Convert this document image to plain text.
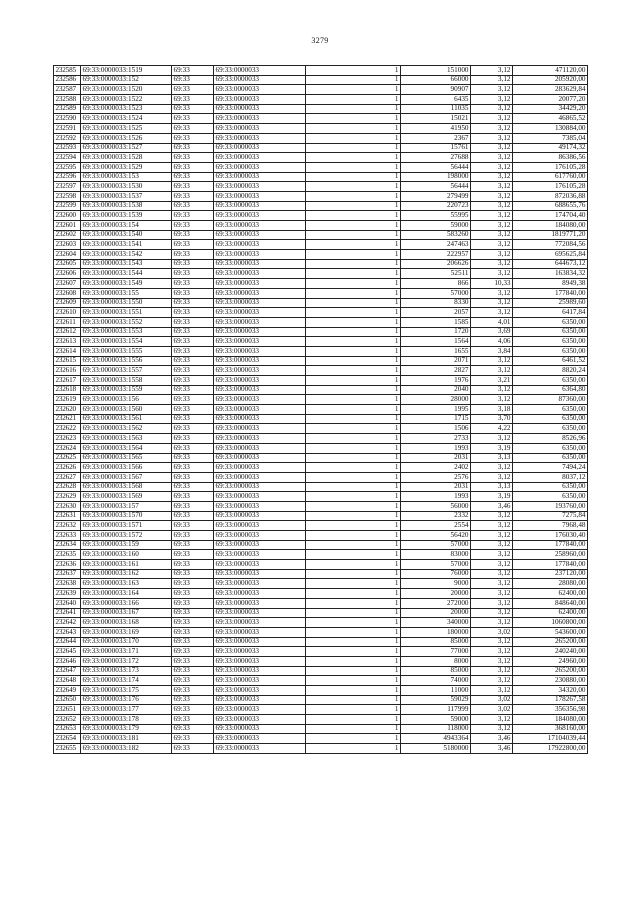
3279
232585	69:33:0000033:1519	69:33	69:33:0000033	1	151000	3,12	471120,00
232586	69:33:0000033:152	69:33	69:33:0000033	1	66000	3,12	205920,00
232587	69:33:0000033:1520	69:33	69:33:0000033	1	90907	3,12	283629,84
232588	69:33:0000033:1522	69:33	69:33:0000033	1	6435	3,12	20077,20
232589	69:33:0000033:1523	69:33	69:33:0000033	1	11035	3,12	34429,20
232590	69:33:0000033:1524	69:33	69:33:0000033	1	15021	3,12	46865,52
232591	69:33:0000033:1525	69:33	69:33:0000033	1	41950	3,12	130884,00
232592	69:33:0000033:1526	69:33	69:33:0000033	1	2367	3,12	7385,04
232593	69:33:0000033:1527	69:33	69:33:0000033	1	15761	3,12	49174,32
232594	69:33:0000033:1528	69:33	69:33:0000033	1	27688	3,12	86386,56
232595	69:33:0000033:1529	69:33	69:33:0000033	1	56444	3,12	176105,28
232596	69:33:0000033:153	69:33	69:33:0000033	1	198000	3,12	617760,00
232597	69:33:0000033:1530	69:33	69:33:0000033	1	56444	3,12	176105,28
232598	69:33:0000033:1537	69:33	69:33:0000033	1	279499	3,12	872036,88
232599	69:33:0000033:1538	69:33	69:33:0000033	1	220723	3,12	688655,76
232600	69:33:0000033:1539	69:33	69:33:0000033	1	55995	3,12	174704,40
232601	69:33:0000033:154	69:33	69:33:0000033	1	59000	3,12	184080,00
232602	69:33:0000033:1540	69:33	69:33:0000033	1	583260	3,12	1819771,20
232603	69:33:0000033:1541	69:33	69:33:0000033	1	247463	3,12	772084,56
232604	69:33:0000033:1542	69:33	69:33:0000033	1	222957	3,12	695625,84
232605	69:33:0000033:1543	69:33	69:33:0000033	1	206626	3,12	644673,12
232606	69:33:0000033:1544	69:33	69:33:0000033	1	52511	3,12	163834,32
232607	69:33:0000033:1549	69:33	69:33:0000033	1	866	10,33	8949,38
232608	69:33:0000033:155	69:33	69:33:0000033	1	57000	3,12	177840,00
232609	69:33:0000033:1550	69:33	69:33:0000033	1	8330	3,12	25989,60
232610	69:33:0000033:1551	69:33	69:33:0000033	1	2057	3,12	6417,84
232611	69:33:0000033:1552	69:33	69:33:0000033	1	1585	4,01	6350,00
232612	69:33:0000033:1553	69:33	69:33:0000033	1	1720	3,69	6350,00
232613	69:33:0000033:1554	69:33	69:33:0000033	1	1564	4,06	6350,00
232614	69:33:0000033:1555	69:33	69:33:0000033	1	1655	3,84	6350,00
232615	69:33:0000033:1556	69:33	69:33:0000033	1	2071	3,12	6461,52
232616	69:33:0000033:1557	69:33	69:33:0000033	1	2827	3,12	8820,24
232617	69:33:0000033:1558	69:33	69:33:0000033	1	1976	3,21	6350,00
232618	69:33:0000033:1559	69:33	69:33:0000033	1	2040	3,12	6364,80
232619	69:33:0000033:156	69:33	69:33:0000033	1	28000	3,12	87360,00
232620	69:33:0000033:1560	69:33	69:33:0000033	1	1995	3,18	6350,00
232621	69:33:0000033:1561	69:33	69:33:0000033	1	1715	3,70	6350,00
232622	69:33:0000033:1562	69:33	69:33:0000033	1	1506	4,22	6350,00
232623	69:33:0000033:1563	69:33	69:33:0000033	1	2733	3,12	8526,96
232624	69:33:0000033:1564	69:33	69:33:0000033	1	1993	3,19	6350,00
232625	69:33:0000033:1565	69:33	69:33:0000033	1	2031	3,13	6350,00
232626	69:33:0000033:1566	69:33	69:33:0000033	1	2402	3,12	7494,24
232627	69:33:0000033:1567	69:33	69:33:0000033	1	2576	3,12	8037,12
232628	69:33:0000033:1568	69:33	69:33:0000033	1	2031	3,13	6350,00
232629	69:33:0000033:1569	69:33	69:33:0000033	1	1993	3,19	6350,00
232630	69:33:0000033:157	69:33	69:33:0000033	1	56000	3,46	193760,00
232631	69:33:0000033:1570	69:33	69:33:0000033	1	2332	3,12	7275,84
232632	69:33:0000033:1571	69:33	69:33:0000033	1	2554	3,12	7968,48
232633	69:33:0000033:1572	69:33	69:33:0000033	1	56420	3,12	176030,40
232634	69:33:0000033:159	69:33	69:33:0000033	1	57000	3,12	177840,00
232635	69:33:0000033:160	69:33	69:33:0000033	1	83000	3,12	258960,00
232636	69:33:0000033:161	69:33	69:33:0000033	1	57000	3,12	177840,00
232637	69:33:0000033:162	69:33	69:33:0000033	1	76000	3,12	237120,00
232638	69:33:0000033:163	69:33	69:33:0000033	1	9000	3,12	28080,00
232639	69:33:0000033:164	69:33	69:33:0000033	1	20000	3,12	62400,00
232640	69:33:0000033:166	69:33	69:33:0000033	1	272000	3,12	848640,00
232641	69:33:0000033:167	69:33	69:33:0000033	1	20000	3,12	62400,00
232642	69:33:0000033:168	69:33	69:33:0000033	1	340000	3,12	1060800,00
232643	69:33:0000033:169	69:33	69:33:0000033	1	180000	3,02	543600,00
232644	69:33:0000033:170	69:33	69:33:0000033	1	85000	3,12	265200,00
232645	69:33:0000033:171	69:33	69:33:0000033	1	77000	3,12	240240,00
232646	69:33:0000033:172	69:33	69:33:0000033	1	8000	3,12	24960,00
232647	69:33:0000033:173	69:33	69:33:0000033	1	85000	3,12	265200,00
232648	69:33:0000033:174	69:33	69:33:0000033	1	74000	3,12	230880,00
232649	69:33:0000033:175	69:33	69:33:0000033	1	11000	3,12	34320,00
232650	69:33:0000033:176	69:33	69:33:0000033	1	59029	3,02	178267,58
232651	69:33:0000033:177	69:33	69:33:0000033	1	117999	3,02	356356,98
232652	69:33:0000033:178	69:33	69:33:0000033	1	59000	3,12	184080,00
232653	69:33:0000033:179	69:33	69:33:0000033	1	118000	3,12	368160,00
232654	69:33:0000033:181	69:33	69:33:0000033	1	4943364	3,46	17104039,44
232655	69:33:0000033:182	69:33	69:33:0000033	1	5180000	3,46	17922800,00
